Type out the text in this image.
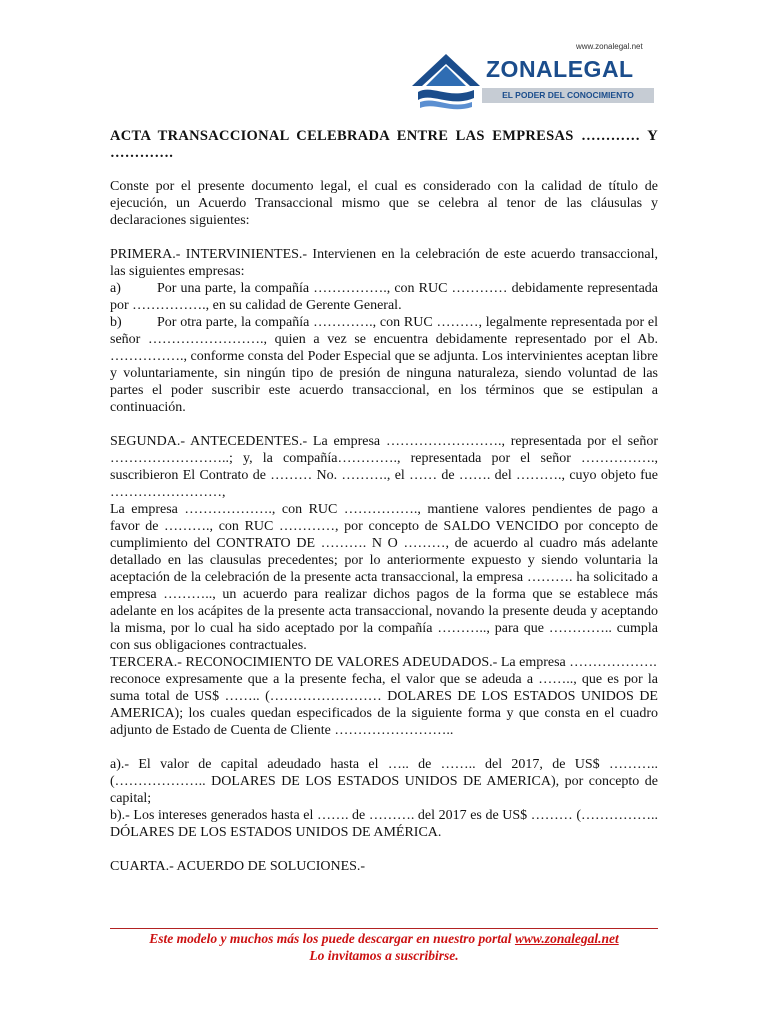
www.zonalegal.net
ZONALEGAL
EL PODER DEL CONOCIMIENTO
ACTA TRANSACCIONAL CELEBRADA ENTRE LAS EMPRESAS ………… Y ………….

Conste por el presente documento legal, el cual es considerado con la calidad de título de ejecución, un Acuerdo Transaccional mismo que se celebra al tenor de las cláusulas y declaraciones siguientes:

PRIMERA.- INTERVINIENTES.- Intervienen en la celebración de este acuerdo transaccional, las siguientes empresas:

a)	Por una parte, la compañía ……………., con RUC ………… debidamente representada por ……………., en su calidad de Gerente General.

b)	Por otra parte, la compañía …………., con RUC ………, legalmente representada por el señor ……………………., quien a vez se encuentra debidamente representado por el Ab. ……………., conforme consta del Poder Especial que se adjunta. Los intervinientes aceptan libre y voluntariamente, sin ningún tipo de presión de ninguna naturaleza, siendo voluntad de las partes el poder suscribir este acuerdo transaccional, en los términos que se estipulan a continuación.

SEGUNDA.- ANTECEDENTES.- La empresa ……………………., representada por el señor ……………………..; y, la compañía…………., representada por el señor ……………., suscribieron El Contrato de ……… No. ………., el …… de ……. del ………., cuyo objeto fue ……………………,

La empresa ………………., con RUC ……………., mantiene valores pendientes de pago a favor de ………., con RUC …………, por concepto de SALDO VENCIDO por concepto de cumplimiento del CONTRATO DE ………. N O ………, de acuerdo al cuadro más adelante detallado en las clausulas precedentes; por lo anteriormente expuesto y siendo voluntaria la aceptación de la celebración de la presente acta transaccional, la empresa ………. ha solicitado a empresa ……….., un acuerdo para realizar dichos pagos de la forma que se establece más adelante en los acápites de la presente acta transaccional, novando la presente deuda y aceptando la misma, por lo cual ha sido aceptado por la compañía ……….., para que ………….. cumpla con sus obligaciones contractuales.

TERCERA.- RECONOCIMIENTO DE VALORES ADEUDADOS.- La empresa ……………….

reconoce expresamente que a la presente fecha, el valor que se adeuda a …….., que es por la suma total de US$ …….. (…………………… DOLARES DE LOS ESTADOS UNIDOS DE AMERICA); los cuales quedan especificados de la siguiente forma y que consta en el cuadro adjunto de Estado de Cuenta de Cliente ……………………..

a).- El valor de capital adeudado hasta el ….. de …….. del 2017, de US$ ……….. (……………….. DOLARES DE LOS ESTADOS UNIDOS DE AMERICA), por concepto de capital;

b).- Los intereses generados hasta el ……. de ………. del 2017 es de US$ ……… (…………….. DÓLARES DE LOS ESTADOS UNIDOS DE AMÉRICA.

CUARTA.- ACUERDO DE SOLUCIONES.-

Este modelo y muchos más los puede descargar en nuestro portal www.zonalegal.net
Lo invitamos a suscribirse.
